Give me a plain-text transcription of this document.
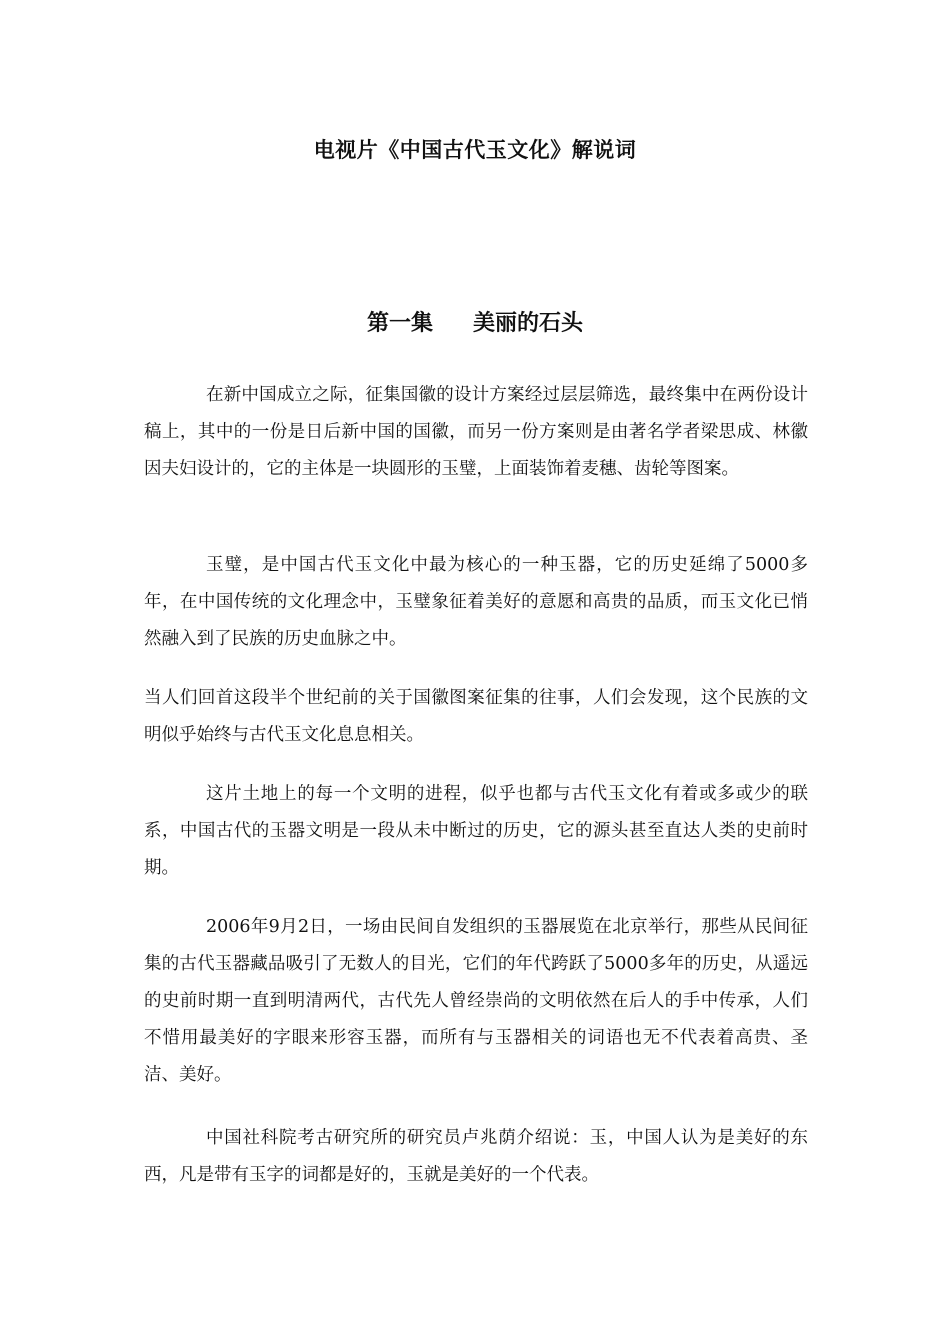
电视片《中国古代玉文化》解说词
第一集 美丽的石头

在新中国成立之际，征集国徽的设计方案经过层层筛选，最终集中在两份设计稿上，其中的一份是日后新中国的国徽，而另一份方案则是由著名学者梁思成、林徽因夫妇设计的，它的主体是一块圆形的玉璧，上面装饰着麦穗、齿轮等图案。

玉璧，是中国古代玉文化中最为核心的一种玉器，它的历史延绵了5000多年，在中国传统的文化理念中，玉璧象征着美好的意愿和高贵的品质，而玉文化已悄然融入到了民族的历史血脉之中。

当人们回首这段半个世纪前的关于国徽图案征集的往事，人们会发现，这个民族的文明似乎始终与古代玉文化息息相关。

这片土地上的每一个文明的进程，似乎也都与古代玉文化有着或多或少的联系，中国古代的玉器文明是一段从未中断过的历史，它的源头甚至直达人类的史前时期。

2006年9月2日，一场由民间自发组织的玉器展览在北京举行，那些从民间征集的古代玉器藏品吸引了无数人的目光，它们的年代跨跃了5000多年的历史，从遥远的史前时期一直到明清两代，古代先人曾经崇尚的文明依然在后人的手中传承，人们不惜用最美好的字眼来形容玉器，而所有与玉器相关的词语也无不代表着高贵、圣洁、美好。

中国社科院考古研究所的研究员卢兆荫介绍说：玉，中国人认为是美好的东西，凡是带有玉字的词都是好的，玉就是美好的一个代表。
